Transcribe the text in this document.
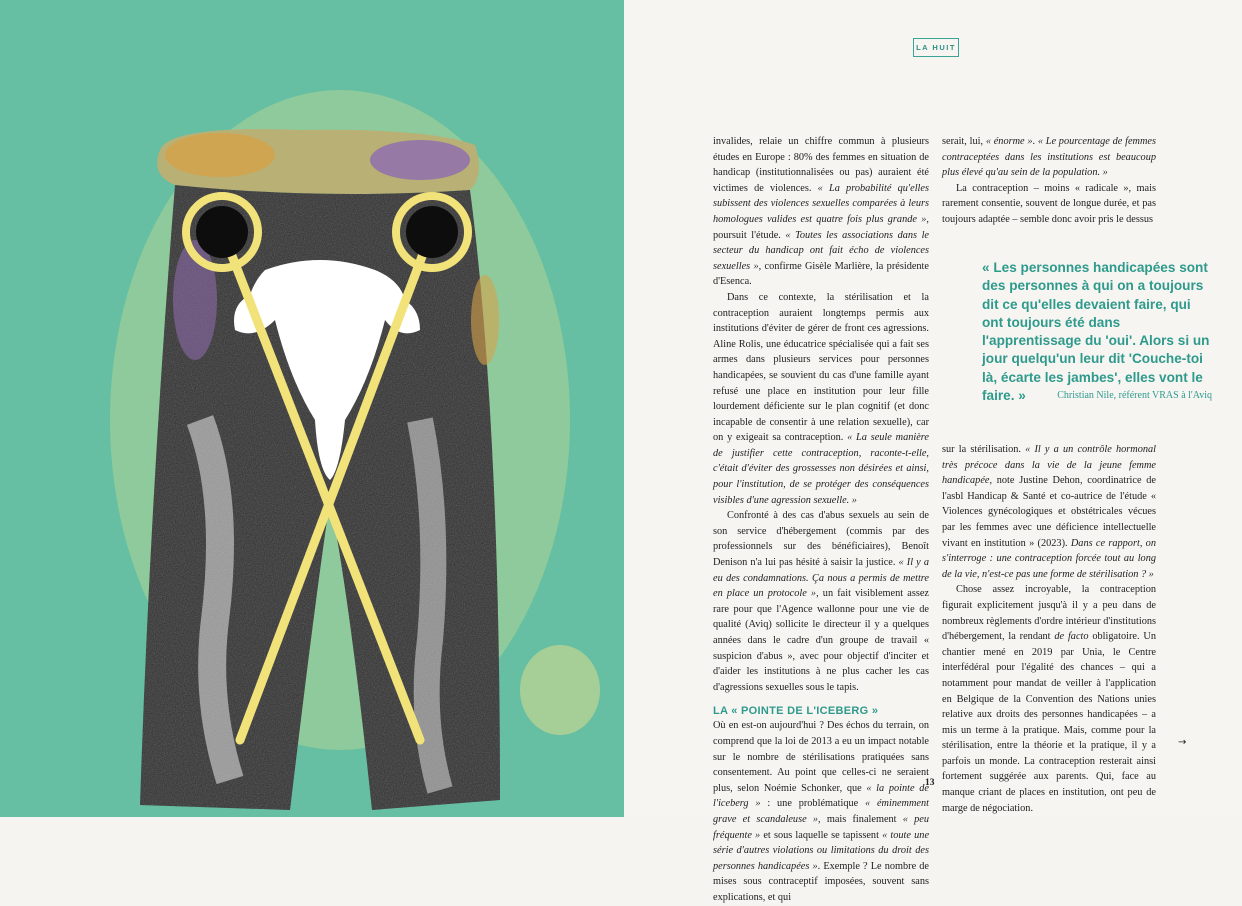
LA HUIT

invalides, relaie un chiffre commun à plusieurs études en Europe : 80% des femmes en situation de handicap (institutionnalisées ou pas) auraient été victimes de violences. « La probabilité qu'elles subissent des violences sexuelles comparées à leurs homologues valides est quatre fois plus grande », poursuit l'étude. « Toutes les associations dans le secteur du handicap ont fait écho de violences sexuelles », confirme Gisèle Marlière, la présidente d'Esenca.

Dans ce contexte, la stérilisation et la contraception auraient longtemps permis aux institutions d'éviter de gérer de front ces agressions. Aline Rolis, une éducatrice spécialisée qui a fait ses armes dans plusieurs services pour personnes handicapées, se souvient du cas d'une famille ayant refusé une place en institution pour leur fille lourdement déficiente sur le plan cognitif (et donc incapable de consentir à une relation sexuelle), car on y exigeait sa contraception. « La seule manière de justifier cette contraception, raconte-t-elle, c'était d'éviter des grossesses non désirées et ainsi, pour l'institution, de se protéger des conséquences visibles d'une agression sexuelle. »

Confronté à des cas d'abus sexuels au sein de son service d'hébergement (commis par des professionnels sur des bénéficiaires), Benoît Denison n'a lui pas hésité à saisir la justice. « Il y a eu des condamnations. Ça nous a permis de mettre en place un protocole », un fait visiblement assez rare pour que l'Agence wallonne pour une vie de qualité (Aviq) sollicite le directeur il y a quelques années dans le cadre d'un groupe de travail « suspicion d'abus », avec pour objectif d'inciter et d'aider les institutions à ne plus cacher les cas d'agressions sexuelles sous le tapis.

LA « POINTE DE L'ICEBERG »

Où en est-on aujourd'hui ? Des échos du terrain, on comprend que la loi de 2013 a eu un impact notable sur le nombre de stérilisations pratiquées sans consentement. Au point que celles-ci ne seraient plus, selon Noémie Schonker, que « la pointe de l'iceberg » : une problématique « éminemment grave et scandaleuse », mais finalement « peu fréquente » et sous laquelle se tapissent « toute une série d'autres violations ou limitations du droit des personnes handicapées ». Exemple ? Le nombre de mises sous contraceptif imposées, souvent sans explications, et qui

serait, lui, « énorme ». « Le pourcentage de femmes contraceptées dans les institutions est beaucoup plus élevé qu'au sein de la population. »

La contraception – moins « radicale », mais rarement consentie, souvent de longue durée, et pas toujours adaptée – semble donc avoir pris le dessus

« Les personnes handicapées sont des personnes à qui on a toujours dit ce qu'elles devaient faire, qui ont toujours été dans l'apprentissage du 'oui'. Alors si un jour quelqu'un leur dit 'Couche-toi là, écarte les jambes', elles vont le faire. »	Christian Nile, référent VRAS à l'Aviq

sur la stérilisation. « Il y a un contrôle hormonal très précoce dans la vie de la jeune femme handicapée, note Justine Dehon, coordinatrice de l'asbl Handicap & Santé et co-autrice de l'étude « Violences gynécologiques et obstétricales vécues par les femmes avec une déficience intellectuelle vivant en institution » (2023). Dans ce rapport, on s'interroge : une contraception forcée tout au long de la vie, n'est-ce pas une forme de stérilisation ? »

Chose assez incroyable, la contraception figurait explicitement jusqu'à il y a peu dans de nombreux règlements d'ordre intérieur d'institutions d'hébergement, la rendant de facto obligatoire. Un chantier mené en 2019 par Unia, le Centre interfédéral pour l'égalité des chances – qui a notamment pour mandat de veiller à l'application en Belgique de la Convention des Nations unies relative aux droits des personnes handicapées – a mis un terme à la pratique. Mais, comme pour la stérilisation, entre la théorie et la pratique, il y a parfois un monde. La contraception resterait ainsi fortement suggérée aux parents. Qui, face au manque criant de places en institution, ont peu de marge de négociation.

→
13
